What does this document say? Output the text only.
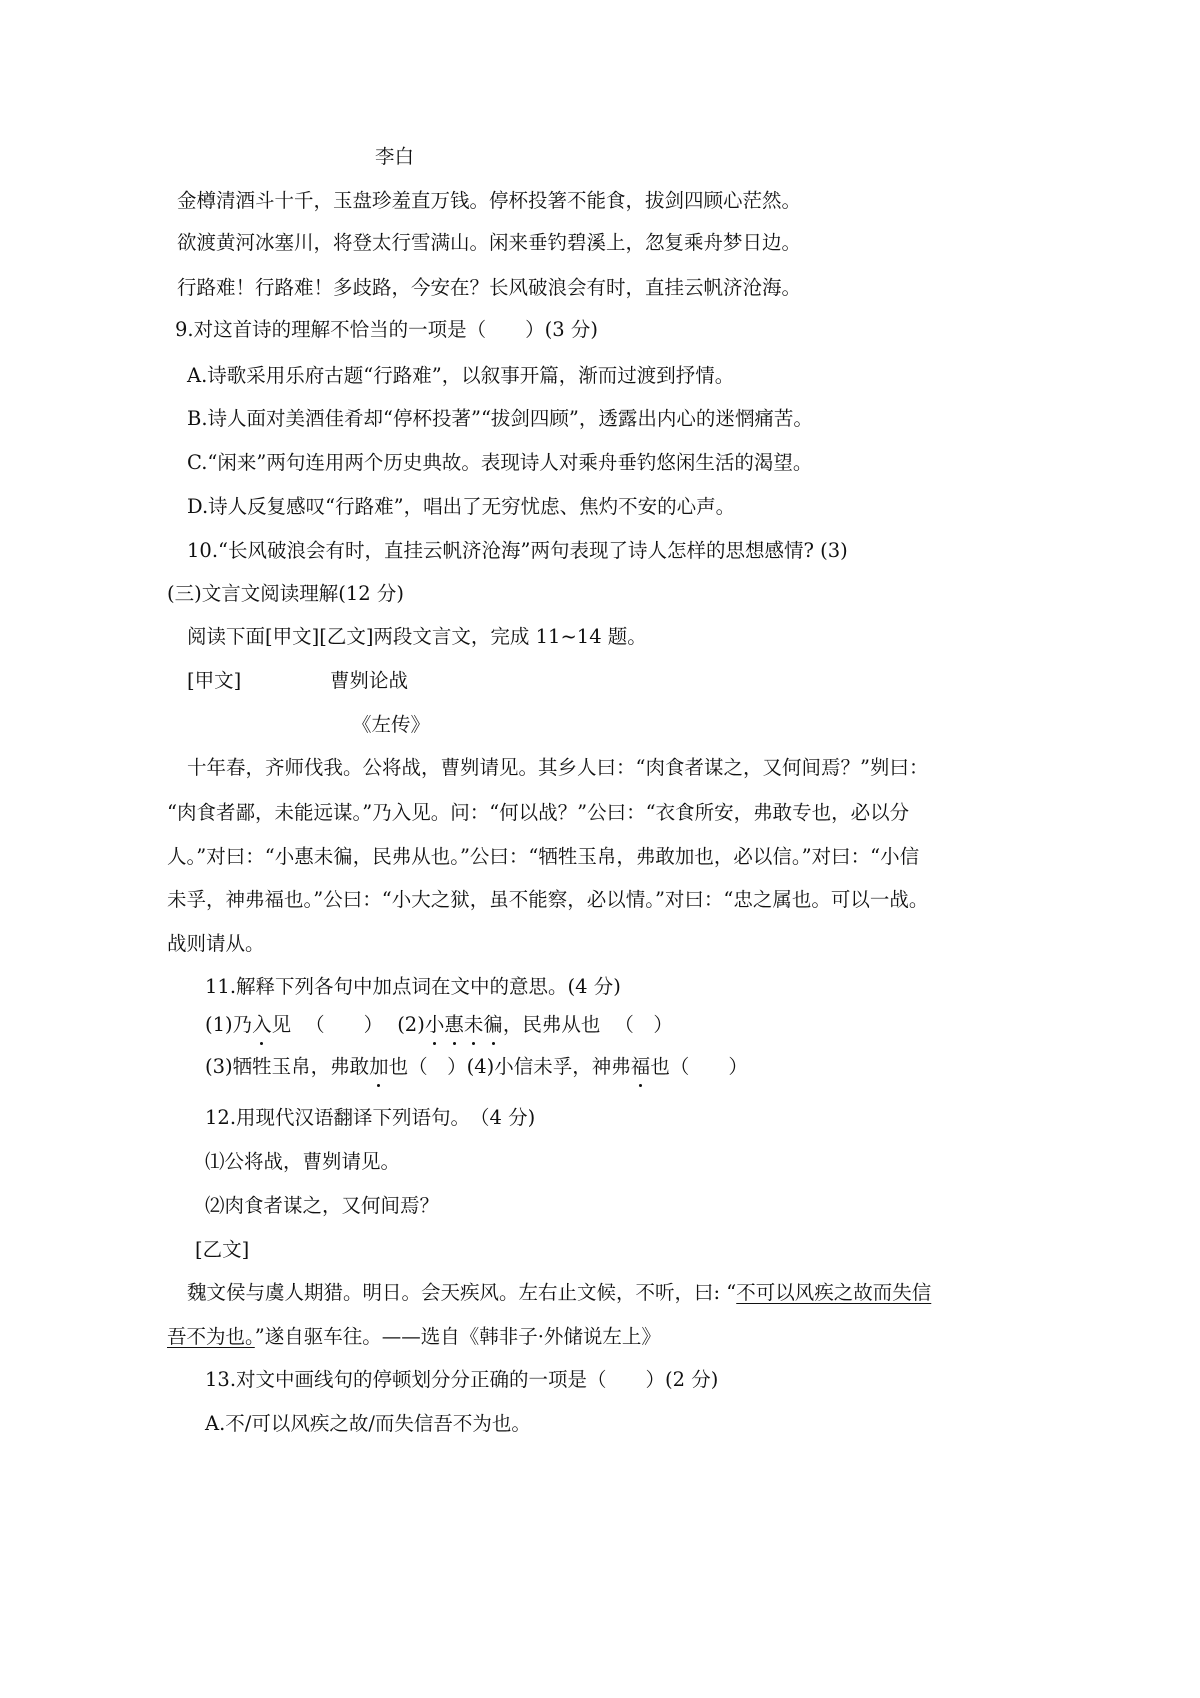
李白
金樽清酒斗十千，玉盘珍羞直万钱。停杯投箸不能食，拔剑四顾心茫然。
欲渡黄河冰塞川，将登太行雪满山。闲来垂钓碧溪上，忽复乘舟梦日边。
行路难！行路难！多歧路，今安在？长风破浪会有时，直挂云帆济沧海。
9.对这首诗的理解不恰当的一项是（　　）(3 分)
A.诗歌采用乐府古题“行路难”，以叙事开篇，渐而过渡到抒情。
B.诗人面对美酒佳肴却“停杯投著”“拔剑四顾”，透露出内心的迷惘痛苦。
C.“闲来”两句连用两个历史典故。表现诗人对乘舟垂钓悠闲生活的渴望。
D.诗人反复感叹“行路难”，唱出了无穷忧虑、焦灼不安的心声。
10.“长风破浪会有时，直挂云帆济沧海”两句表现了诗人怎样的思想感情? (3)
(三)文言文阅读理解(12 分)
阅读下面[甲文][乙文]两段文言文，完成 11~14 题。
[甲文]	曹刿论战
《左传》
十年春，齐师伐我。公将战，曹刿请见。其乡人曰：“肉食者谋之，又何间焉？”刿曰：
“肉食者鄙，未能远谋。”乃入见。问：“何以战？”公曰：“衣食所安，弗敢专也，必以分
人。”对曰：“小惠未徧，民弗从也。”公曰：“牺牲玉帛，弗敢加也，必以信。”对曰：“小信
未孚，神弗福也。”公曰：“小大之狱，虽不能察，必以情。”对曰：“忠之属也。可以一战。
战则请从。
11.解释下列各句中加点词在文中的意思。(4 分)
(1)乃入见 （　　） (2)小惠未徧，民弗从也 （　）
(3)牺牲玉帛，弗敢加也（　）(4)小信未孚，神弗福也（　　）
12.用现代汉语翻译下列语句。　（4 分)
⑴公将战，曹刿请见。
⑵肉食者谋之，又何间焉？
[乙文]
魏文侯与虞人期猎。明日。会天疾风。左右止文候，不听，曰: “不可以风疾之故而失信
吾不为也。”遂自驱车往。——选自《韩非子·外储说左上》
13.对文中画线句的停顿划分分正确的一项是（　　）(2 分)
A.不/可以风疾之故/而失信吾不为也。
